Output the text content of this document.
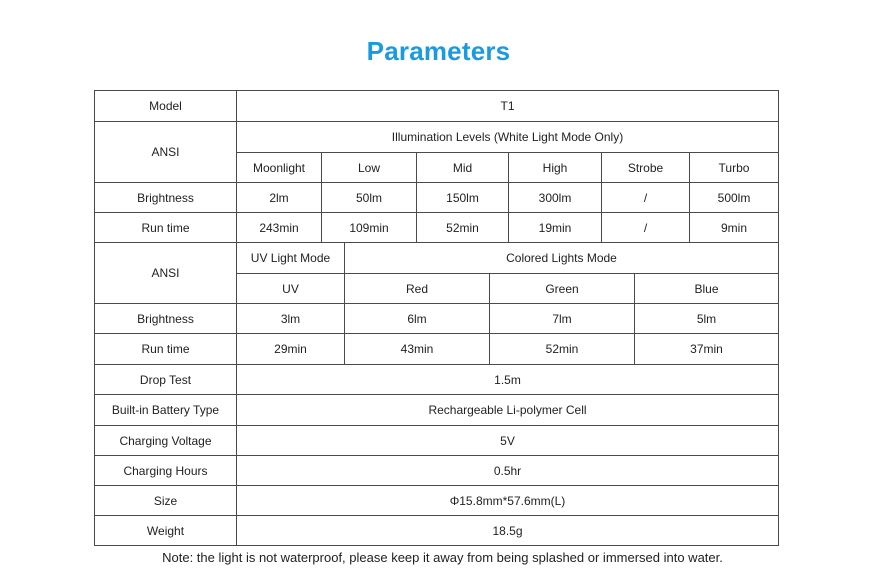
Parameters
Model	T1
ANSI
Illumination Levels (White Light Mode Only)
Moonlight	Low	Mid	High	Strobe	Turbo
Brightness	2lm	50lm	150lm	300lm	/	500lm
Run time	243min	109min	52min	19min	/	9min
ANSI
UV Light Mode	Colored Lights Mode
UV	Red	Green	Blue
Brightness	3lm	6lm	7lm	5lm
Run time	29min	43min	52min	37min
Drop Test	1.5m
Built-in Battery Type	Rechargeable Li-polymer Cell
Charging Voltage	5V
Charging Hours	0.5hr
Size	Φ15.8mm*57.6mm(L)
Weight	18.5g
Note: the light is not waterproof, please keep it away from being splashed or immersed into water.
